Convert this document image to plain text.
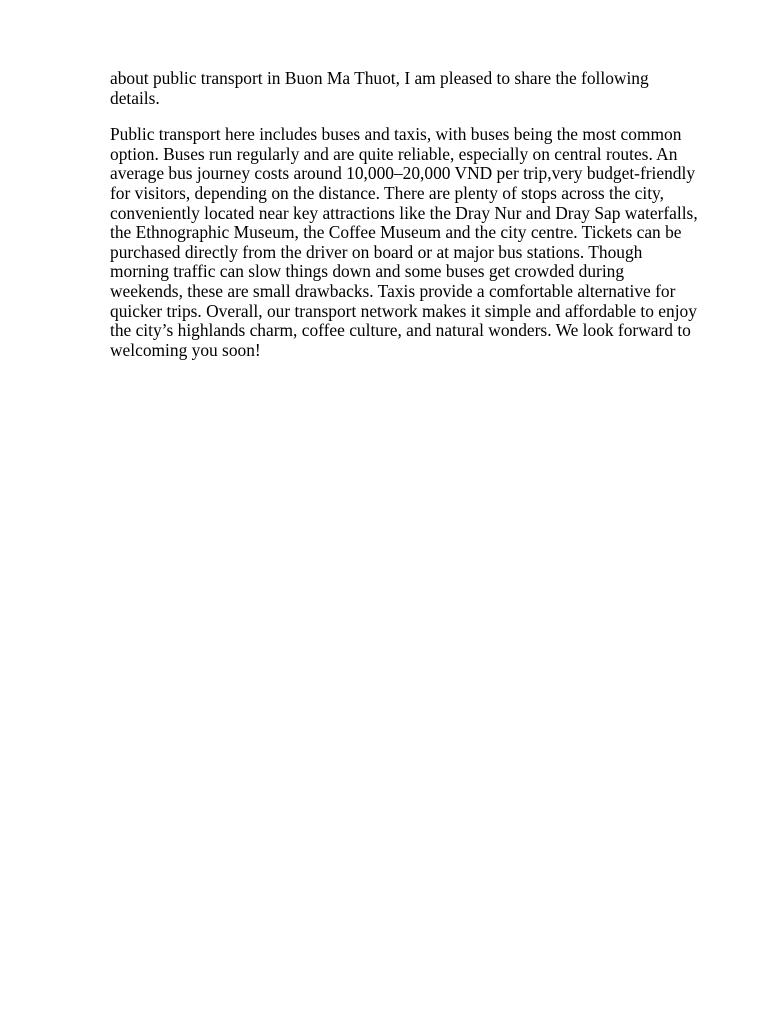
about public transport in Buon Ma Thuot, I am pleased to share the following details.

Public transport here includes buses and taxis, with buses being the most common option. Buses run regularly and are quite reliable, especially on central routes. An average bus journey costs around 10,000–20,000 VND per trip,very budget-friendly for visitors, depending on the distance. There are plenty of stops across the city, conveniently located near key attractions like the Dray Nur and Dray Sap waterfalls, the Ethnographic Museum, the Coffee Museum and the city centre. Tickets can be purchased directly from the driver on board or at major bus stations. Though morning traffic can slow things down and some buses get crowded during weekends, these are small drawbacks. Taxis provide a comfortable alternative for quicker trips. Overall, our transport network makes it simple and affordable to enjoy the city’s highlands charm, coffee culture, and natural wonders. We look forward to welcoming you soon!
